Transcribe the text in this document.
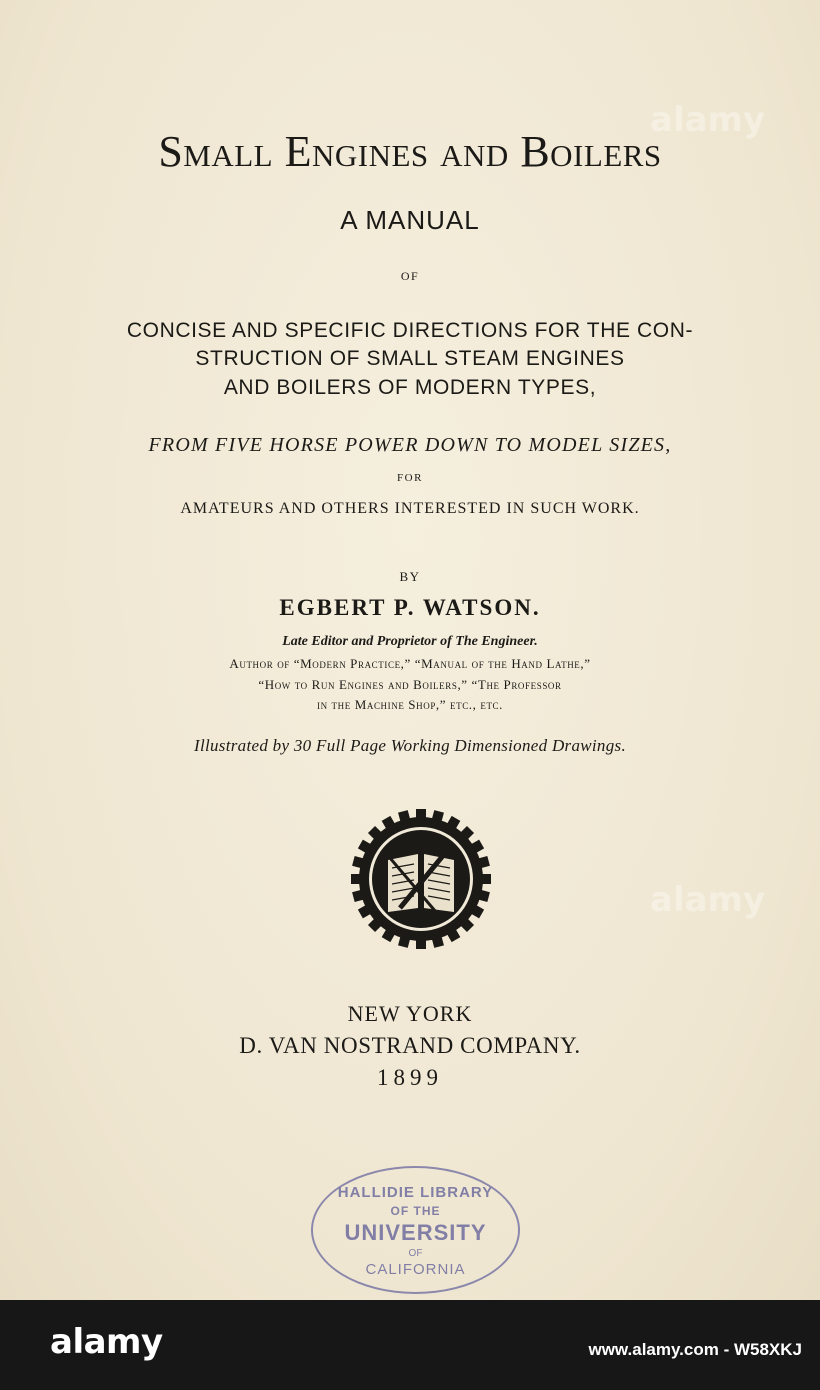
Small Engines and Boilers
A MANUAL
OF
CONCISE AND SPECIFIC DIRECTIONS FOR THE CON-
STRUCTION OF SMALL STEAM ENGINES
AND BOILERS OF MODERN TYPES,
FROM FIVE HORSE POWER DOWN TO MODEL SIZES,
FOR
AMATEURS AND OTHERS INTERESTED IN SUCH WORK.
BY
EGBERT P. WATSON.
Late Editor and Proprietor of The Engineer.
Author of “Modern Practice,” “Manual of the Hand Lathe,”
“How to Run Engines and Boilers,” “The Professor
in the Machine Shop,” etc., etc.
Illustrated by 30 Full Page Working Dimensioned Drawings.
NEW YORK
D. VAN NOSTRAND COMPANY.
1899
HALLIDIE LIBRARY
OF THE
UNIVERSITY
OF
CALIFORNIA
alamy
alamy
alamy	www.alamy.com - W58XKJ
